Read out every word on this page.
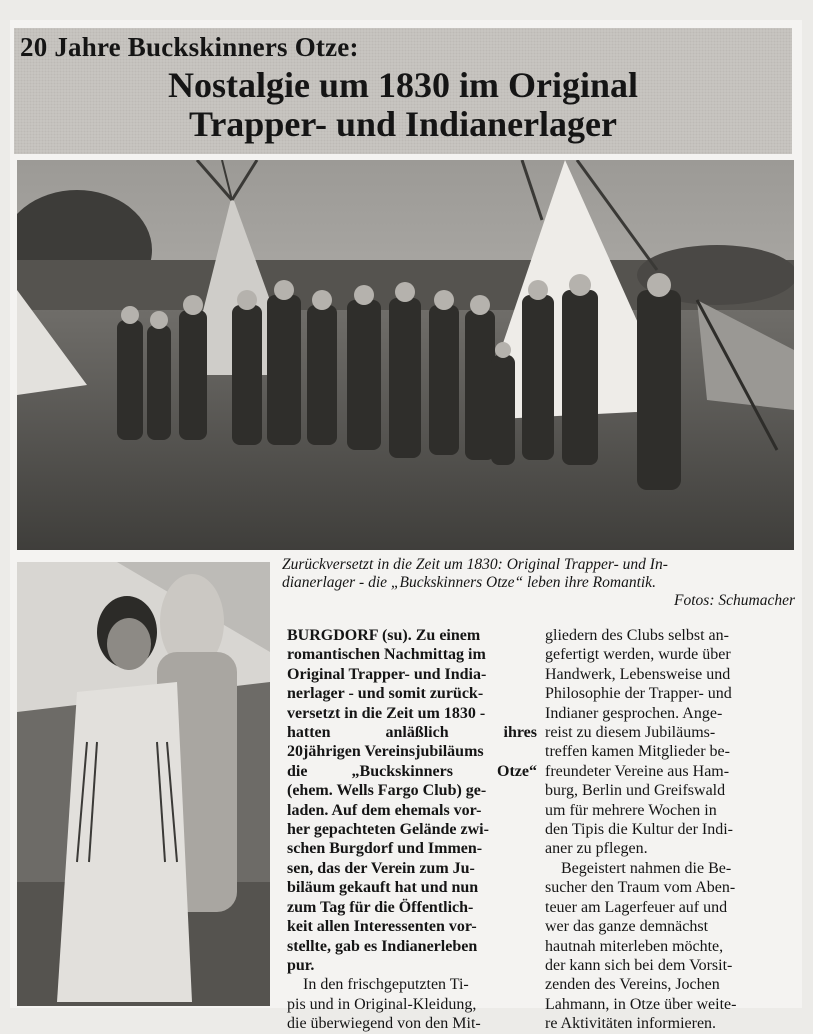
20 Jahre Buckskinners Otze:
Nostalgie um 1830 im Original
Trapper- und Indianerlager
Zurückversetzt in die Zeit um 1830: Original Trapper- und In-
dianerlager - die „Buckskinners Otze“ leben ihre Romantik.
Fotos: Schumacher
BURGDORF (su). Zu einem
romantischen Nachmittag im
Original Trapper- und India-
nerlager - und somit zurück-
versetzt in die Zeit um 1830 -
hatten anläßlich ihres
20jährigen Vereinsjubiläums
die „Buckskinners Otze“
(ehem. Wells Fargo Club) ge-
laden. Auf dem ehemals vor-
her gepachteten Gelände zwi-
schen Burgdorf und Immen-
sen, das der Verein zum Ju-
biläum gekauft hat und nun
zum Tag für die Öffentlich-
keit allen Interessenten vor-
stellte, gab es Indianerleben
pur.
In den frischgeputzten Ti-
pis und in Original-Kleidung,
die überwiegend von den Mit-
gliedern des Clubs selbst an-
gefertigt werden, wurde über
Handwerk, Lebensweise und
Philosophie der Trapper- und
Indianer gesprochen. Ange-
reist zu diesem Jubiläums-
treffen kamen Mitglieder be-
freundeter Vereine aus Ham-
burg, Berlin und Greifswald
um für mehrere Wochen in
den Tipis die Kultur der Indi-
aner zu pflegen.
Begeistert nahmen die Be-
sucher den Traum vom Aben-
teuer am Lagerfeuer auf und
wer das ganze demnächst
hautnah miterleben möchte,
der kann sich bei dem Vorsit-
zenden des Vereins, Jochen
Lahmann, in Otze über weite-
re Aktivitäten informieren.
